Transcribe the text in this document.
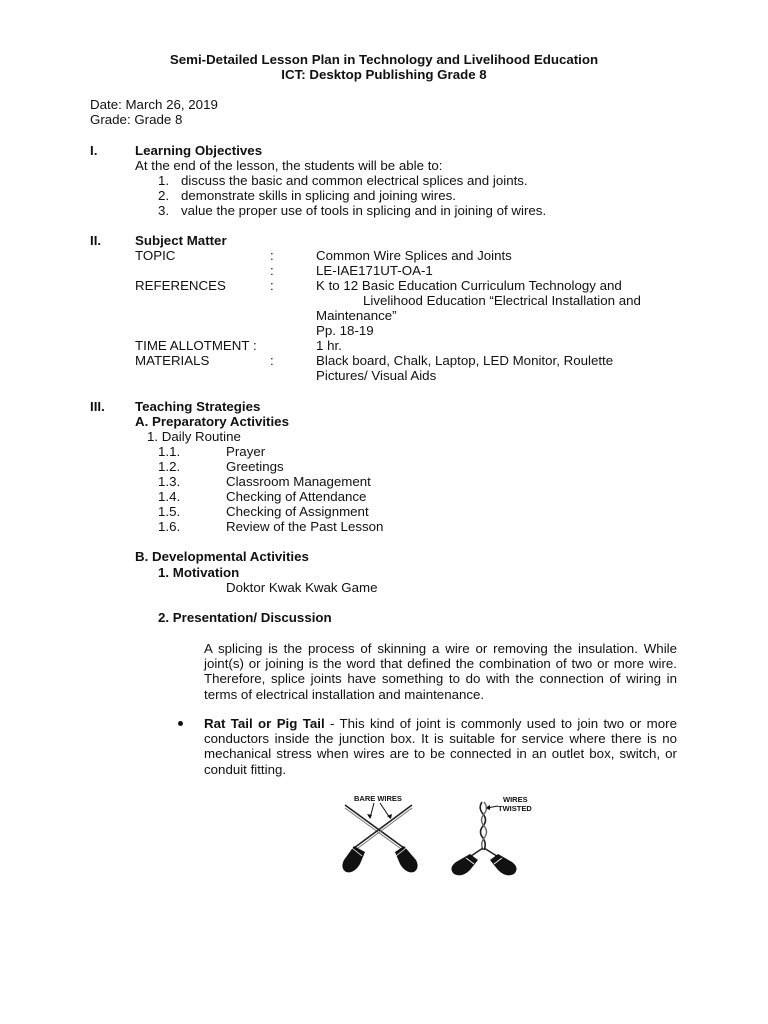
Semi-Detailed Lesson Plan in Technology and Livelihood Education
ICT: Desktop Publishing Grade 8
Date: March 26, 2019
Grade: Grade 8
I.	Learning Objectives
At the end of the lesson, the students will be able to:
1. discuss the basic and common electrical splices and joints.
2. demonstrate skills in splicing and joining wires.
3. value the proper use of tools in splicing and in joining of wires.
II.	Subject Matter
TOPIC	:	Common Wire Splices and Joints
:	LE-IAE171UT-OA-1
REFERENCES	:	K to 12 Basic Education Curriculum Technology and
Livelihood Education “Electrical Installation and
Maintenance”
Pp. 18-19
TIME ALLOTMENT :	1 hr.
MATERIALS	:	Black board, Chalk, Laptop, LED Monitor, Roulette
Pictures/ Visual Aids
III. Teaching Strategies
A. Preparatory Activities
1. Daily Routine
1.1.	Prayer
1.2.	Greetings
1.3.	Classroom Management
1.4.	Checking of Attendance
1.5.	Checking of Assignment
1.6.	Review of the Past Lesson
B. Developmental Activities
1. Motivation
Doktor Kwak Kwak Game
2. Presentation/ Discussion
A splicing is the process of skinning a wire or removing the insulation. While joint(s) or joining is the word that defined the combination of two or more wire. Therefore, splice joints have something to do with the connection of wiring in terms of electrical installation and maintenance.
Rat Tail or Pig Tail - This kind of joint is commonly used to join two or more conductors inside the junction box. It is suitable for service where there is no mechanical stress when wires are to be connected in an outlet box, switch, or conduit fitting.
BARE WIRES	WIRES
TWISTED
